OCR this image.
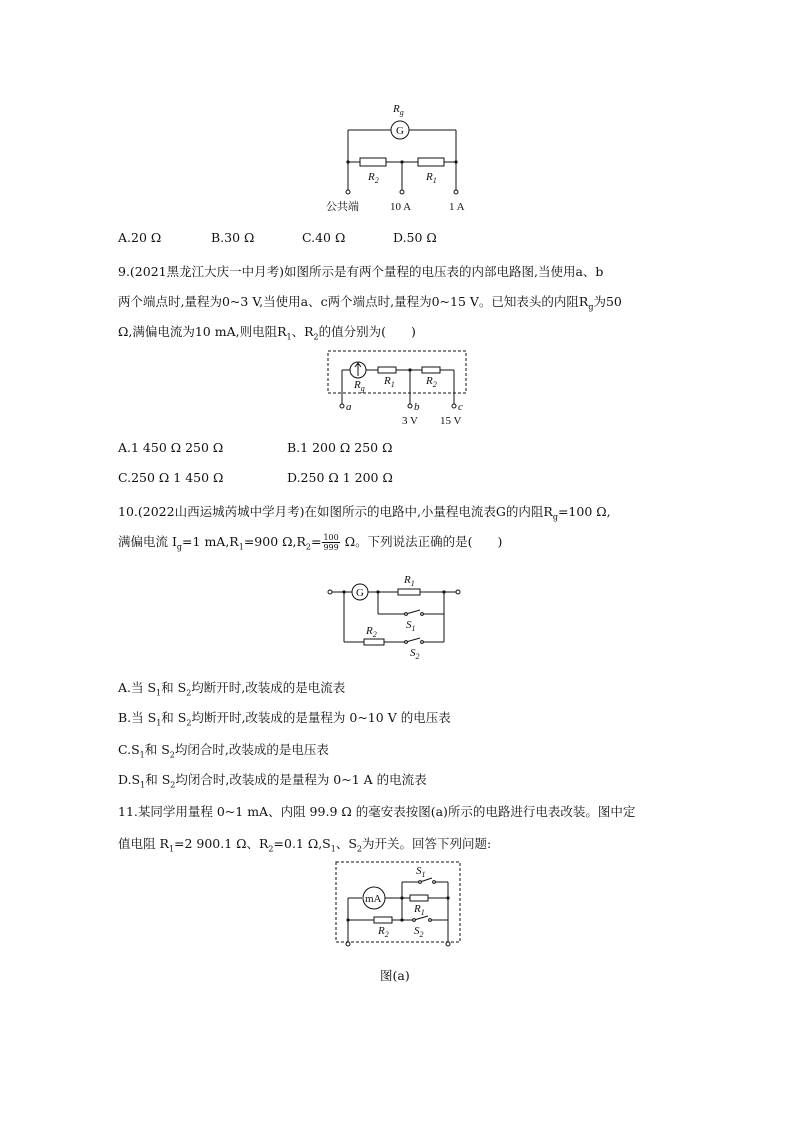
$R_g$
G
$R_2$	$R_1$
公共端	10 A	1 A
A.20 Ω	B.30 Ω	C.40 Ω	D.50 Ω
9.(2021黑龙江大庆一中月考)如图所示是有两个量程的电压表的内部电路图,当使用a、b
两个端点时,量程为0~3 V,当使用a、c两个端点时,量程为0~15 V。已知表头的内阻$R_g$为50
Ω,满偏电流为10 mA,则电阻$R_1$、$R_2$的值分别为(　　)
$R_g$
$R_1$	$R_2$
a	b	c
3 V 15 V
A.1 450 Ω 250 Ω	B.1 200 Ω 250 Ω
C.250 Ω 1 450 Ω	D.250 Ω 1 200 Ω
10.(2022山西运城芮城中学月考)在如图所示的电路中,小量程电流表G的内阻$R_g=100$ Ω,
满偏电流 $I_g=1$ $mA,R_1=900$ $\Omega,R_2= \frac{100}{999}$ Ω。下列说法正确的是(　　)
G
$R_1$
$S_1$
$R_2$
$S_2$
A.当 $S_1$和 $S_2$均断开时,改装成的是电流表
B.当 $S_1$和 $S_2$均断开时,改装成的是量程为 0~10 V 的电压表
$C.S_1$和 $S_2$均闭合时,改装成的是电压表
$D.S_1$和 $S_2$均闭合时,改装成的是量程为 0~1 A 的电流表
11.某同学用量程 0~1 mA、内阻 99.9 Ω 的毫安表按图(a)所示的电路进行电表改装。图中定
值电阻 $R_1=2$ 900.1 Ω、$R_2=0.1$ $\Omega,S_1$、$S_2$为开关。回答下列问题:
mA
$S_1$
$R_1$
$R_2$ $S_2$
图(a)
